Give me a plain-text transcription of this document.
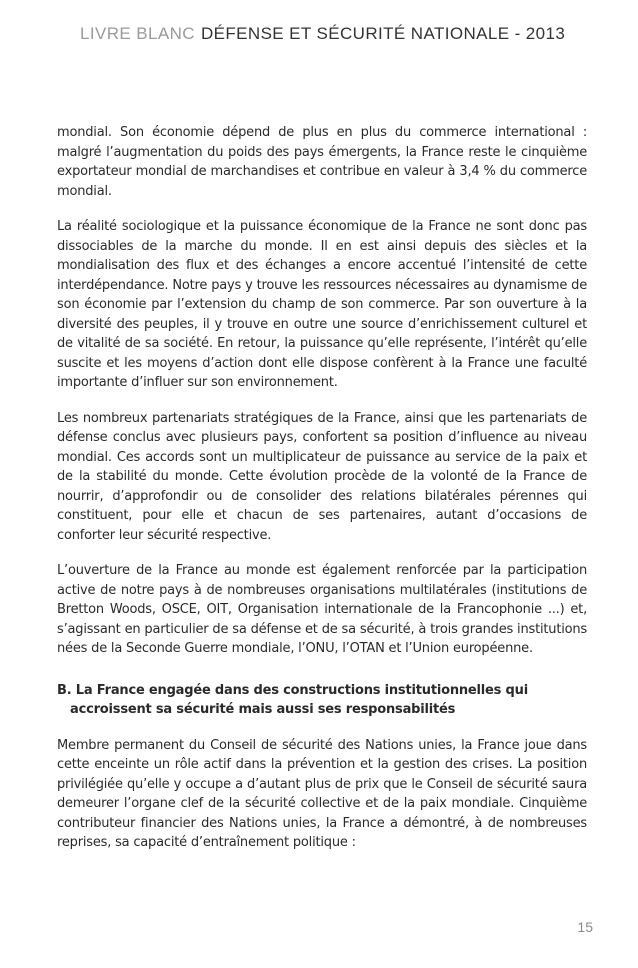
LIVRE BLANC DÉFENSE ET SÉCURITÉ NATIONALE - 2013

mondial. Son économie dépend de plus en plus du commerce international : malgré l’augmentation du poids des pays émergents, la France reste le cinquième exportateur mondial de marchandises et contribue en valeur à 3,4 % du commerce mondial.

La réalité sociologique et la puissance économique de la France ne sont donc pas dissociables de la marche du monde. Il en est ainsi depuis des siècles et la mondialisation des flux et des échanges a encore accentué l’intensité de cette interdépendance. Notre pays y trouve les ressources nécessaires au dynamisme de son économie par l’extension du champ de son commerce. Par son ouverture à la diversité des peuples, il y trouve en outre une source d’enrichissement culturel et de vitalité de sa société. En retour, la puissance qu’elle représente, l’intérêt qu’elle suscite et les moyens d’action dont elle dispose confèrent à la France une faculté importante d’influer sur son environnement.

Les nombreux partenariats stratégiques de la France, ainsi que les partenariats de défense conclus avec plusieurs pays, confortent sa position d’influence au niveau mondial. Ces accords sont un multiplicateur de puissance au service de la paix et de la stabilité du monde. Cette évolution procède de la volonté de la France de nourrir, d’approfondir ou de consolider des relations bilatérales pérennes qui constituent, pour elle et chacun de ses partenaires, autant d’occasions de conforter leur sécurité respective.

L’ouverture de la France au monde est également renforcée par la participation active de notre pays à de nombreuses organisations multilatérales (institutions de Bretton Woods, OSCE, OIT, Organisation internationale de la Francophonie ...) et, s’agissant en particulier de sa défense et de sa sécurité, à trois grandes institutions nées de la Seconde Guerre mondiale, l’ONU, l’OTAN et l’Union européenne.

B. La France engagée dans des constructions institutionnelles qui
accroissent sa sécurité mais aussi ses responsabilités

Membre permanent du Conseil de sécurité des Nations unies, la France joue dans cette enceinte un rôle actif dans la prévention et la gestion des crises. La position privilégiée qu’elle y occupe a d’autant plus de prix que le Conseil de sécurité saura demeurer l’organe clef de la sécurité collective et de la paix mondiale. Cinquième contributeur financier des Nations unies, la France a démontré, à de nombreuses reprises, sa capacité d’entraînement politique :

15
